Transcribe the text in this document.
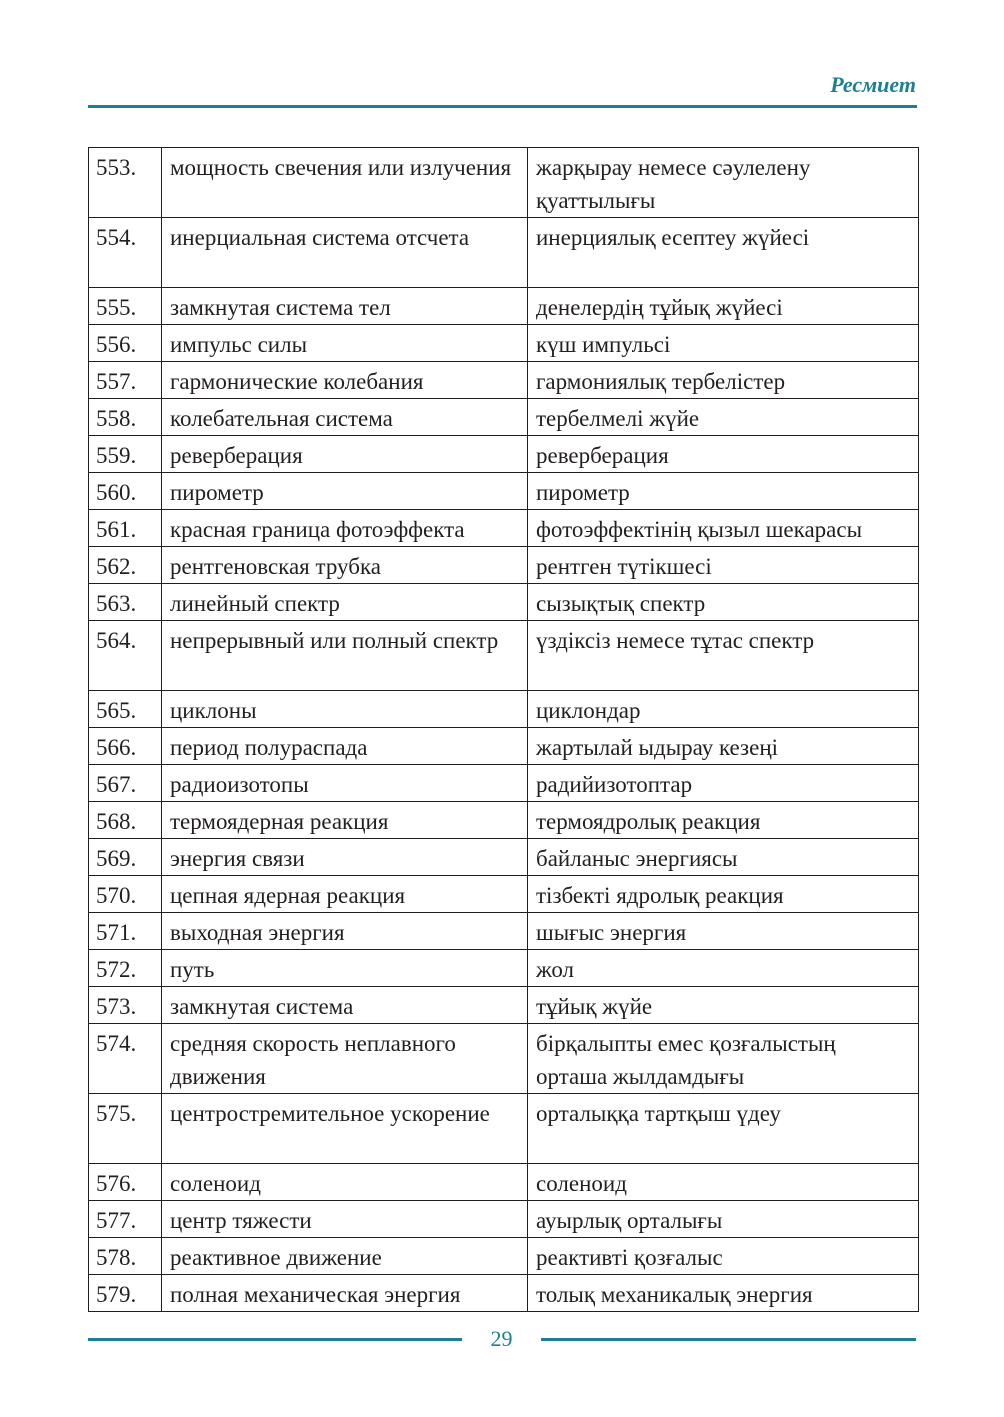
Ресмиет
553.	мощность свечения или излучения	жарқырау немесе сәулелену қуаттылығы
554.	инерциальная система отсчета	инерциялық есептеу жүйесі
555.	замкнутая система тел	денелердің тұйық жүйесі
556.	импульс силы	күш импульсі
557.	гармонические колебания	гармониялық тербелістер
558.	колебательная система	тербелмелі жүйе
559.	реверберация	реверберация
560.	пирометр	пирометр
561.	красная граница фотоэффекта	фотоэффектінің қызыл шекарасы
562.	рентгеновская трубка	рентген түтікшесі
563.	линейный спектр	сызықтық спектр
564.	непрерывный или полный спектр	үздіксіз немесе тұтас спектр
565.	циклоны	циклондар
566.	период полураспада	жартылай ыдырау кезеңі
567.	радиоизотопы	радийизотоптар
568.	термоядерная реакция	термоядролық реакция
569.	энергия связи	байланыс энергиясы
570.	цепная ядерная реакция	тізбекті ядролық реакция
571.	выходная энергия	шығыс энергия
572.	путь	жол
573.	замкнутая система	тұйық жүйе
574.	средняя скорость неплавного движения	бірқалыпты емес қозғалыстың орташа жылдамдығы
575.	центростремительное ускорение	орталыққа тартқыш үдеу
576.	соленоид	соленоид
577.	центр тяжести	ауырлық орталығы
578.	реактивное движение	реактивті қозғалыс
579.	полная механическая энергия	толық механикалық энергия
29
